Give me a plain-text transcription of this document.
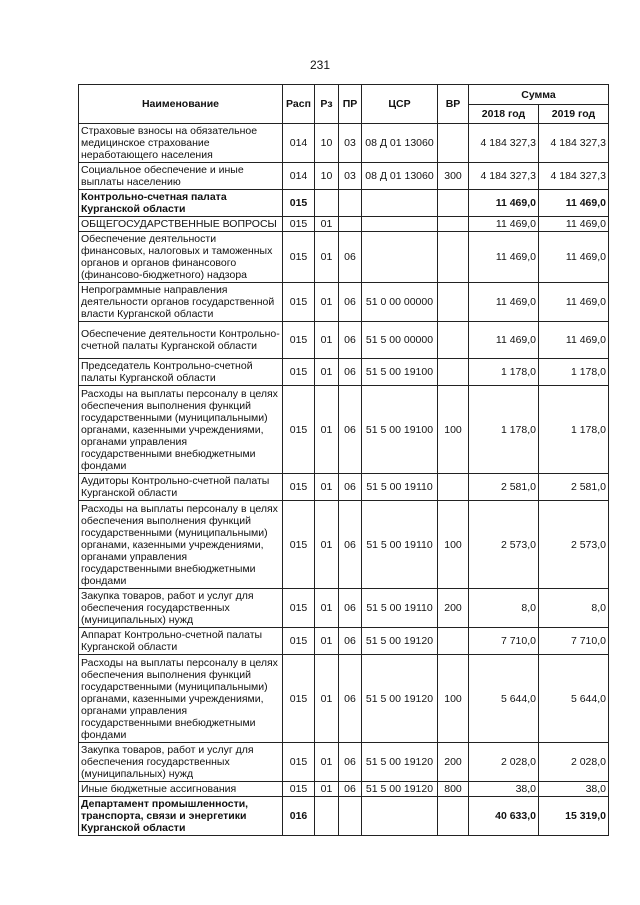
231
Наименование	Расп	Рз	ПР	ЦСР	ВР	Сумма	
						2018 год	2019 год
Страховые взносы на обязательное медицинское страхование неработающего населения	014	10	03	08 Д 01 13060		4 184 327,3	4 184 327,3
Социальное обеспечение и иные выплаты населению	014	10	03	08 Д 01 13060	300	4 184 327,3	4 184 327,3
Контрольно-счетная палата Курганской области	015					11 469,0	11 469,0
ОБЩЕГОСУДАРСТВЕННЫЕ ВОПРОСЫ	015	01				11 469,0	11 469,0
Обеспечение деятельности финансовых, налоговых и таможенных органов и органов финансового (финансово-бюджетного) надзора	015	01	06			11 469,0	11 469,0
Непрограммные направления деятельности органов государственной власти Курганской области	015	01	06	51 0 00 00000		11 469,0	11 469,0
Обеспечение деятельности Контрольно-счетной палаты Курганской области	015	01	06	51 5 00 00000		11 469,0	11 469,0
Председатель Контрольно-счетной палаты Курганской области	015	01	06	51 5 00 19100		1 178,0	1 178,0
Расходы на выплаты персоналу в целях обеспечения выполнения функций государственными (муниципальными) органами, казенными учреждениями, органами управления государственными внебюджетными фондами	015	01	06	51 5 00 19100	100	1 178,0	1 178,0
Аудиторы Контрольно-счетной палаты Курганской области	015	01	06	51 5 00 19110		2 581,0	2 581,0
Расходы на выплаты персоналу в целях обеспечения выполнения функций государственными (муниципальными) органами, казенными учреждениями, органами управления государственными внебюджетными фондами	015	01	06	51 5 00 19110	100	2 573,0	2 573,0
Закупка товаров, работ и услуг для обеспечения государственных (муниципальных) нужд	015	01	06	51 5 00 19110	200	8,0	8,0
Аппарат Контрольно-счетной палаты Курганской области	015	01	06	51 5 00 19120		7 710,0	7 710,0
Расходы на выплаты персоналу в целях обеспечения выполнения функций государственными (муниципальными) органами, казенными учреждениями, органами управления государственными внебюджетными фондами	015	01	06	51 5 00 19120	100	5 644,0	5 644,0
Закупка товаров, работ и услуг для обеспечения государственных (муниципальных) нужд	015	01	06	51 5 00 19120	200	2 028,0	2 028,0
Иные бюджетные ассигнования	015	01	06	51 5 00 19120	800	38,0	38,0
Департамент промышленности, транспорта, связи и энергетики Курганской области	016					40 633,0	15 319,0
